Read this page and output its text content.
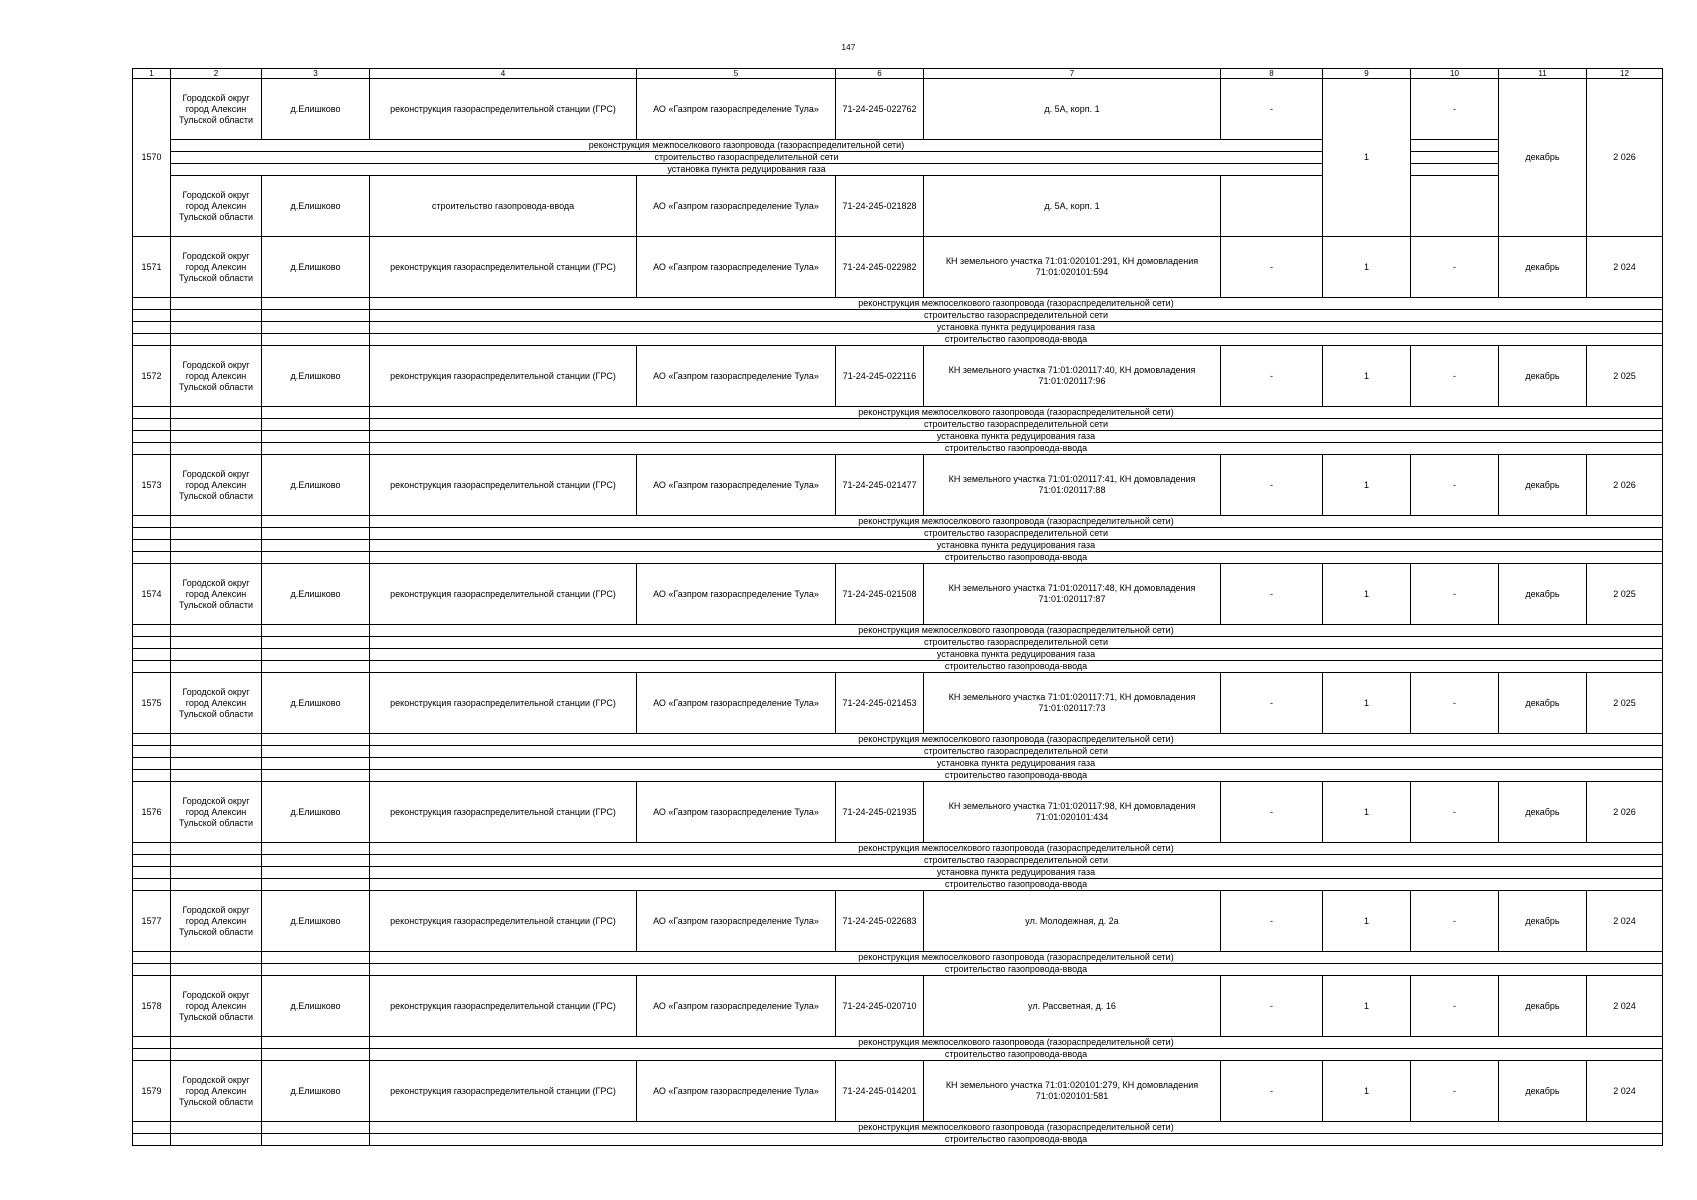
147
1	2	3	4	5	6	7	8	9	10	11	12
1570	Городской округ город Алексин Тульской области	д.Елишково	реконструкция газораспределительной станции (ГРС)	АО «Газпром газораспределение Тула»	71-24-245-022762	д. 5А, корп. 1	-	1	-	декабрь	2 026
	реконструкция межпоселкового газопровода (газораспределительной сети)										
	строительство газораспределительной сети										
	установка пункта редуцирования газа										
	Городской округ город Алексин Тульской области	д.Елишково	строительство газопровода-ввода	АО «Газпром газораспределение Тула»	71-24-245-021828	д. 5А, корп. 1					
1571	Городской округ город Алексин Тульской области	д.Елишково	реконструкция газораспределительной станции (ГРС)	АО «Газпром газораспределение Тула»	71-24-245-022982	КН земельного участка 71:01:020101:291, КН домовладения 71:01:020101:594	-	1	-	декабрь	2 024
			реконструкция межпоселкового газопровода (газораспределительной сети)								
			строительство газораспределительной сети								
			установка пункта редуцирования газа								
			строительство газопровода-ввода								
1572	Городской округ город Алексин Тульской области	д.Елишково	реконструкция газораспределительной станции (ГРС)	АО «Газпром газораспределение Тула»	71-24-245-022116	КН земельного участка 71:01:020117:40, КН домовладения 71:01:020117:96	-	1	-	декабрь	2 025
			реконструкция межпоселкового газопровода (газораспределительной сети)								
			строительство газораспределительной сети								
			установка пункта редуцирования газа								
			строительство газопровода-ввода								
1573	Городской округ город Алексин Тульской области	д.Елишково	реконструкция газораспределительной станции (ГРС)	АО «Газпром газораспределение Тула»	71-24-245-021477	КН земельного участка 71:01:020117:41, КН домовладения 71:01:020117:88	-	1	-	декабрь	2 026
			реконструкция межпоселкового газопровода (газораспределительной сети)								
			строительство газораспределительной сети								
			установка пункта редуцирования газа								
			строительство газопровода-ввода								
1574	Городской округ город Алексин Тульской области	д.Елишково	реконструкция газораспределительной станции (ГРС)	АО «Газпром газораспределение Тула»	71-24-245-021508	КН земельного участка 71:01:020117:48, КН домовладения 71:01:020117:87	-	1	-	декабрь	2 025
			реконструкция межпоселкового газопровода (газораспределительной сети)								
			строительство газораспределительной сети								
			установка пункта редуцирования газа								
			строительство газопровода-ввода								
1575	Городской округ город Алексин Тульской области	д.Елишково	реконструкция газораспределительной станции (ГРС)	АО «Газпром газораспределение Тула»	71-24-245-021453	КН земельного участка 71:01:020117:71, КН домовладения 71:01:020117:73	-	1	-	декабрь	2 025
			реконструкция межпоселкового газопровода (газораспределительной сети)								
			строительство газораспределительной сети								
			установка пункта редуцирования газа								
			строительство газопровода-ввода								
1576	Городской округ город Алексин Тульской области	д.Елишково	реконструкция газораспределительной станции (ГРС)	АО «Газпром газораспределение Тула»	71-24-245-021935	КН земельного участка 71:01:020117:98, КН домовладения 71:01:020101:434	-	1	-	декабрь	2 026
			реконструкция межпоселкового газопровода (газораспределительной сети)								
			строительство газораспределительной сети								
			установка пункта редуцирования газа								
			строительство газопровода-ввода								
1577	Городской округ город Алексин Тульской области	д.Елишково	реконструкция газораспределительной станции (ГРС)	АО «Газпром газораспределение Тула»	71-24-245-022683	ул. Молодежная, д. 2а	-	1	-	декабрь	2 024
			реконструкция межпоселкового газопровода (газораспределительной сети)								
			строительство газопровода-ввода								
1578	Городской округ город Алексин Тульской области	д.Елишково	реконструкция газораспределительной станции (ГРС)	АО «Газпром газораспределение Тула»	71-24-245-020710	ул. Рассветная, д. 16	-	1	-	декабрь	2 024
			реконструкция межпоселкового газопровода (газораспределительной сети)								
			строительство газопровода-ввода								
1579	Городской округ город Алексин Тульской области	д.Елишково	реконструкция газораспределительной станции (ГРС)	АО «Газпром газораспределение Тула»	71-24-245-014201	КН земельного участка 71:01:020101:279, КН домовладения 71:01:020101:581	-	1	-	декабрь	2 024
			реконструкция межпоселкового газопровода (газораспределительной сети)								
			строительство газопровода-ввода								
